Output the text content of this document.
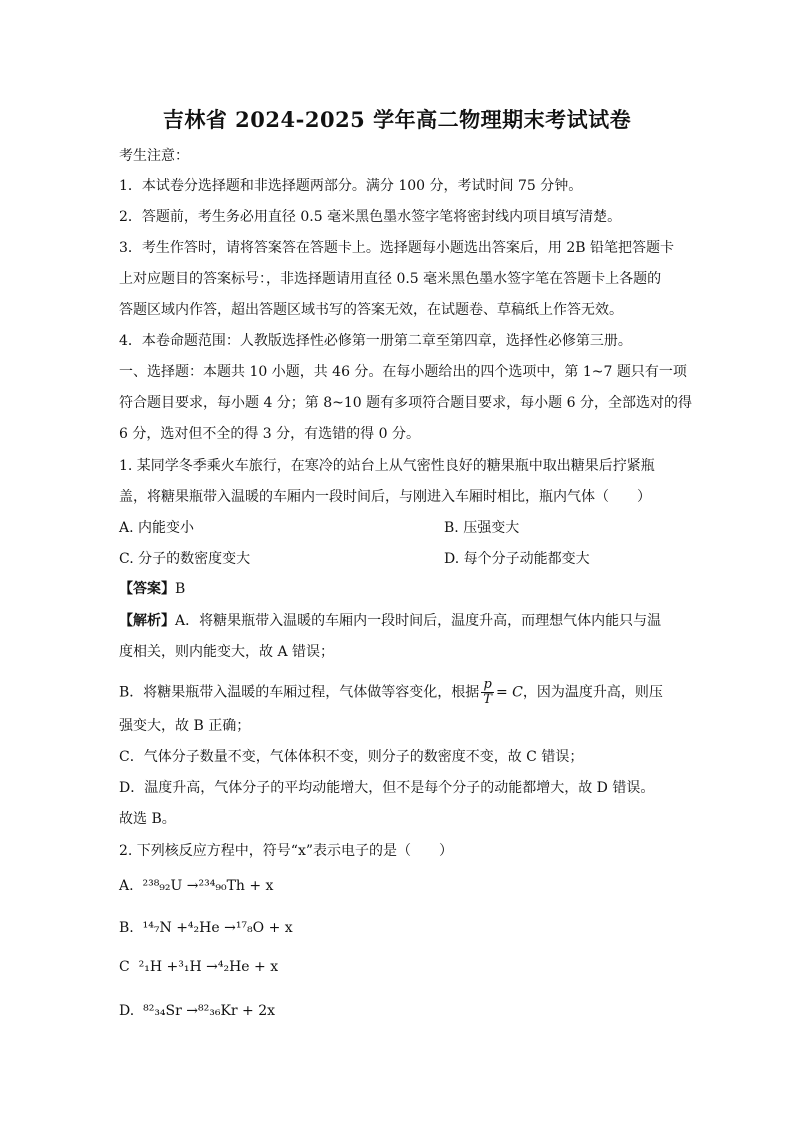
吉林省 2024-2025 学年高二物理期末考试试卷
考生注意：
1．本试卷分选择题和非选择题两部分。满分 100 分，考试时间 75 分钟。
2．答题前，考生务必用直径 0.5 毫米黑色墨水签字笔将密封线内项目填写清楚。
3．考生作答时，请将答案答在答题卡上。选择题每小题选出答案后，用 2B 铅笔把答题卡
上对应题目的答案标号：，非选择题请用直径 0.5 毫米黑色墨水签字笔在答题卡上各题的
答题区域内作答，超出答题区域书写的答案无效，在试题卷、草稿纸上作答无效。
4．本卷命题范围：人教版选择性必修第一册第二章至第四章，选择性必修第三册。
一、选择题：本题共 10 小题，共 46 分。在每小题给出的四个选项中，第 1~7 题只有一项
符合题目要求，每小题 4 分；第 8~10 题有多项符合题目要求，每小题 6 分，全部选对的得
6 分，选对但不全的得 3 分，有选错的得 0 分。
1. 某同学冬季乘火车旅行，在寒冷的站台上从气密性良好的糖果瓶中取出糖果后拧紧瓶
盖，将糖果瓶带入温暖的车厢内一段时间后，与刚进入车厢时相比，瓶内气体（　　）
A. 内能变小	B. 压强变大
C. 分子的数密度变大	D. 每个分子动能都变大
【答案】B
【解析】A．将糖果瓶带入温暖的车厢内一段时间后，温度升高，而理想气体内能只与温
度相关，则内能变大，故 A 错误；
B．将糖果瓶带入温暖的车厢过程，气体做等容变化，根据 $\frac{p}{T} = C$，因为温度升高，则压
强变大，故 B 正确；
C．气体分子数量不变，气体体积不变，则分子的数密度不变，故 C 错误；
D．温度升高，气体分子的平均动能增大，但不是每个分子的动能都增大，故 D 错误。
故选 B。
2. 下列核反应方程中，符号“x”表示电子的是（　　）
A. ²³⁸₉₂U →²³⁴₉₀Th + x
B. ¹⁴₇N +⁴₂He →¹⁷₈O + x
C ²₁H +³₁H →⁴₂He + x
D. ⁸²₃₄Sr →⁸²₃₆Kr + 2x
